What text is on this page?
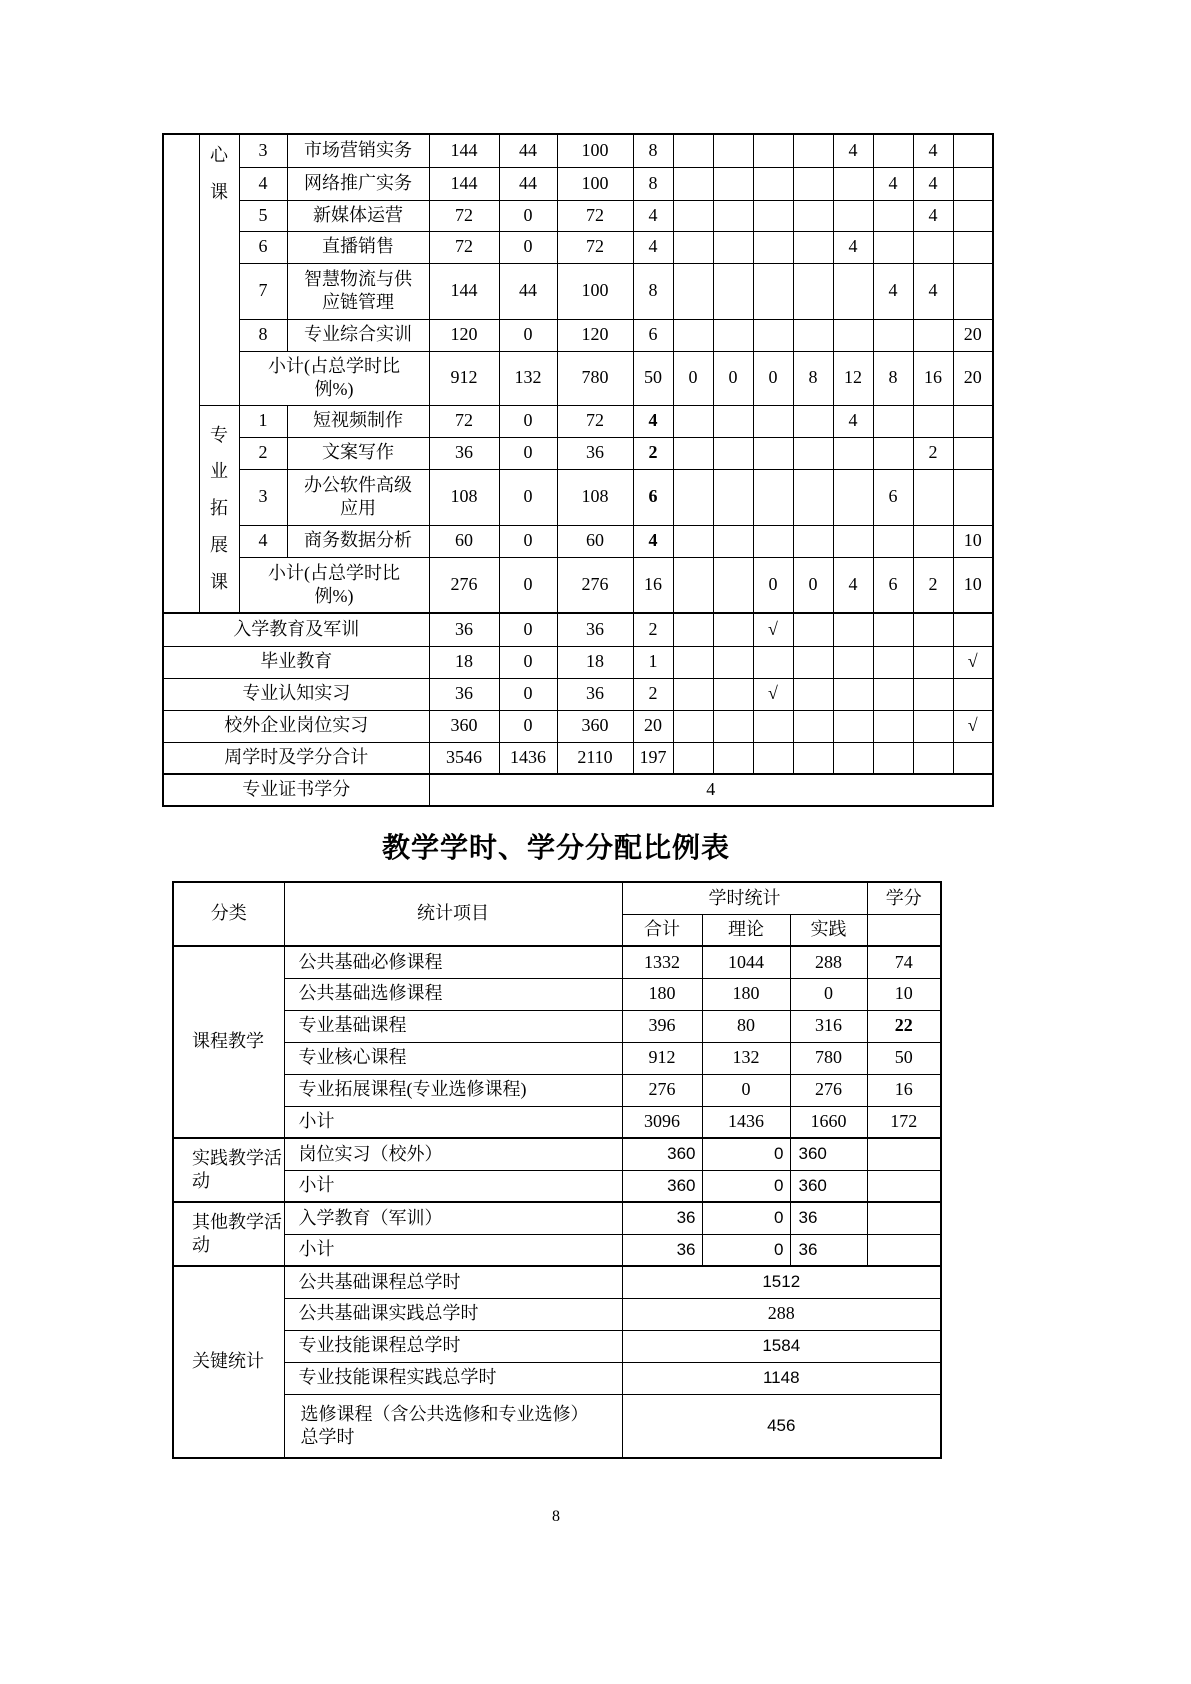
	心课	3	市场营销实务	144	44	100	8					4		4	
		4	网络推广实务	144	44	100	8						4	4	
		5	新媒体运营	72	0	72	4							4	
		6	直播销售	72	0	72	4					4			
		7	智慧物流与供应链管理	144	44	100	8						4	4	
		8	专业综合实训	120	0	120	6								20
		小计(占总学时比例%)		912	132	780	50	0	0	0	8	12	8	16	20
	专业拓展课	1	短视频制作	72	0	72	4					4			
		2	文案写作	36	0	36	2							2	
		3	办公软件高级应用	108	0	108	6						6		
		4	商务数据分析	60	0	60	4								10
		小计(占总学时比例%)		276	0	276	16			0	0	4	6	2	10
入学教育及军训				36	0	36	2			√					
毕业教育				18	0	18	1								√
专业认知实习				36	0	36	2			√					
校外企业岗位实习				360	0	360	20								√
周学时及学分合计				3546	1436	2110	197								
专业证书学分				4											
教学学时、学分分配比例表
分类	统计项目	学时统计			学分
		合计	理论	实践	
课程教学	公共基础必修课程	1332	1044	288	74
	公共基础选修课程	180	180	0	10
	专业基础课程	396	80	316	22
	专业核心课程	912	132	780	50
	专业拓展课程(专业选修课程)	276	0	276	16
	小计	3096	1436	1660	172
实践教学活动	岗位实习（校外）	360	0	360	
	小计	360	0	360	
其他教学活动	入学教育（军训）	36	0	36	
	小计	36	0	36	
关键统计	公共基础课程总学时	1512			
	公共基础课实践总学时	288			
	专业技能课程总学时	1584			
	专业技能课程实践总学时	1148			
	选修课程（含公共选修和专业选修）总学时	456			
8
